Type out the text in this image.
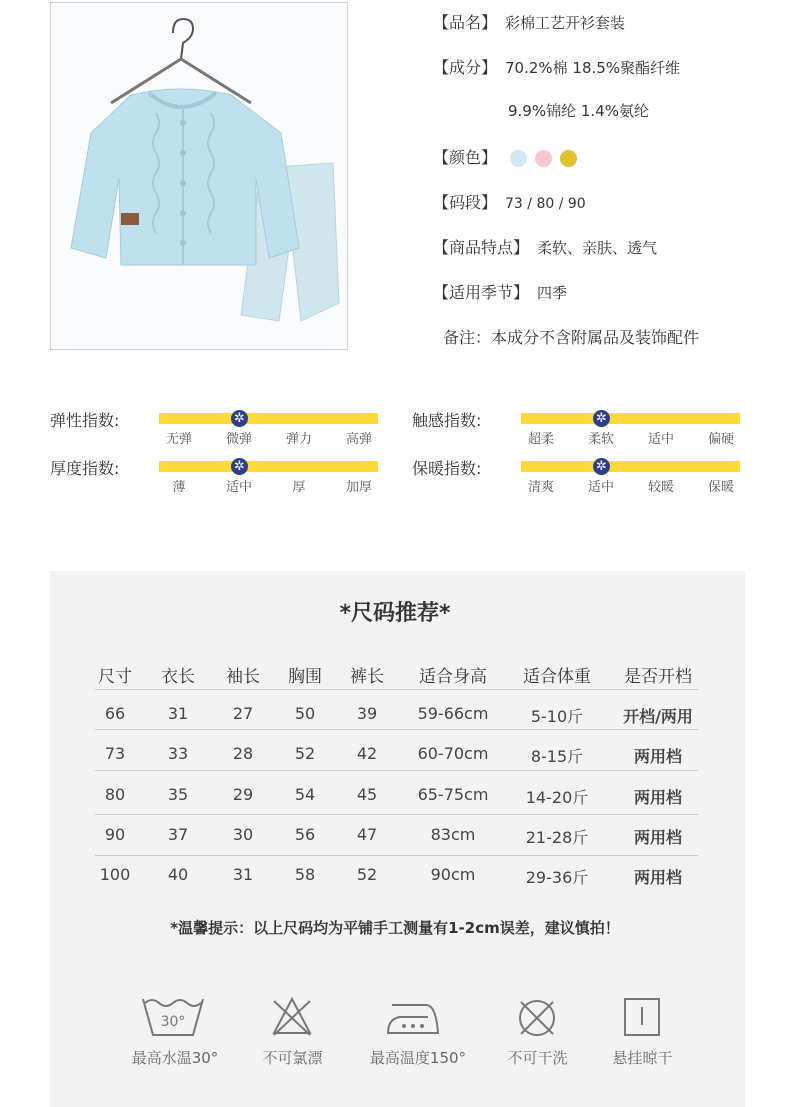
【品名】 彩棉工艺开衫套装
【成分】 70.2%棉 18.5%聚酯纤维
9.9%锦纶 1.4%氨纶
【颜色】
【码段】 73 / 80 / 90
【商品特点】 柔软、亲肤、透气
【适用季节】 四季
备注：本成分不含附属品及装饰配件
弹性指数:
无弹	微弹	弹力	高弹
✲	触感指数:
超柔	柔软	适中	偏硬
✲
厚度指数:
薄	适中	厚	加厚
✲	保暖指数:
清爽	适中	较暖	保暖
✲
*尺码推荐*
尺寸	衣长	袖长	胸围	裤长	适合身高	适合体重	是否开档
66	31	27	50	39	59-66cm	5-10斤	开档/两用
73	33	28	52	42	60-70cm	8-15斤	两用档
80	35	29	54	45	65-75cm	14-20斤	两用档
90	37	30	56	47	83cm	21-28斤	两用档
100	40	31	58	52	90cm	29-36斤	两用档
*温馨提示：以上尺码均为平铺手工测量有1-2cm误差，建议慎拍！
30°
最高水温30°	不可氯漂	最高温度150°	不可干洗	悬挂晾干
